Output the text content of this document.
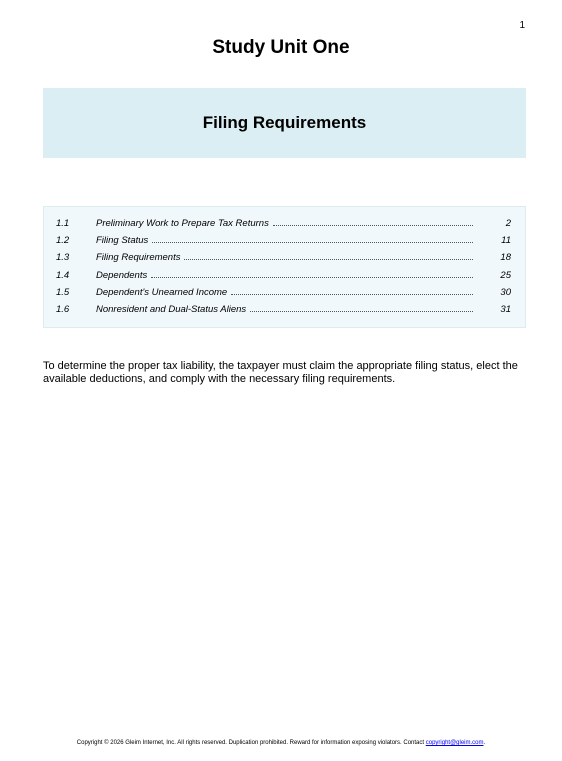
1
Study Unit One
Filing Requirements
1.1	Preliminary Work to Prepare Tax Returns	2
1.2	Filing Status	11
1.3	Filing Requirements	18
1.4	Dependents	25
1.5	Dependent's Unearned Income	30
1.6	Nonresident and Dual-Status Aliens	31

To determine the proper tax liability, the taxpayer must claim the appropriate filing status, elect the available deductions, and comply with the necessary filing requirements.

Copyright © 2026 Gleim Internet, Inc. All rights reserved. Duplication prohibited. Reward for information exposing violators. Contact copyright@gleim.com.
